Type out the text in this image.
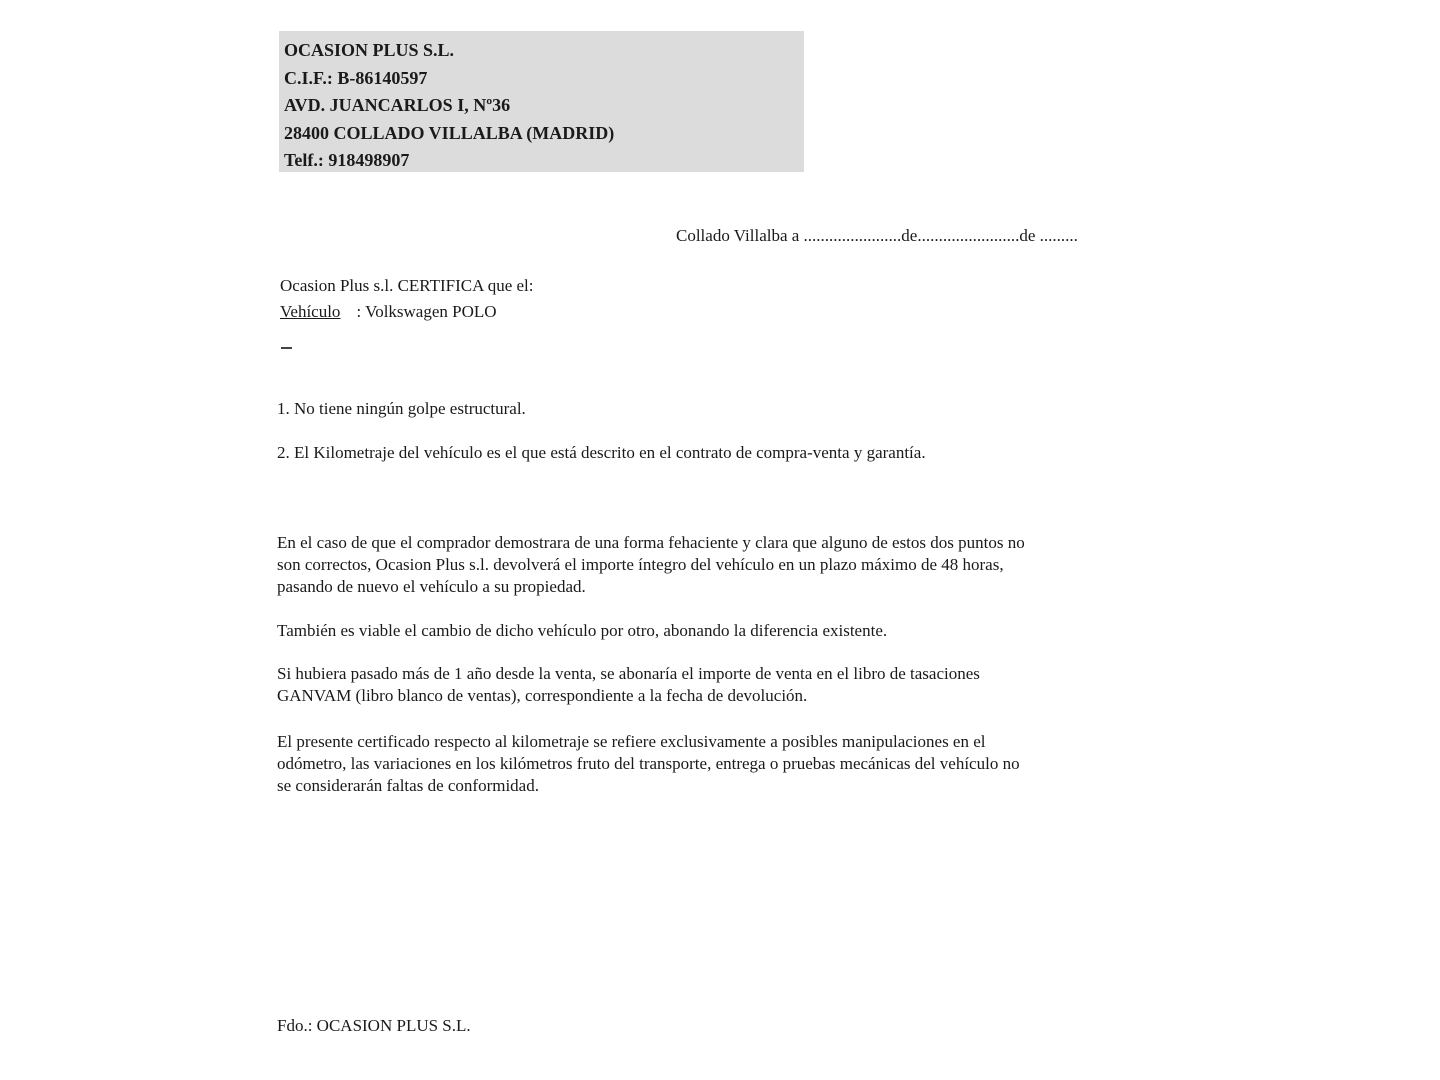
OCASION PLUS S.L.
C.I.F.: B-86140597
AVD. JUANCARLOS I, Nº36
28400 COLLADO VILLALBA (MADRID)
Telf.: 918498907
Collado Villalba a .......................de........................de .........
Ocasion Plus s.l. CERTIFICA que el:
Vehículo : Volkswagen POLO
1. No tiene ningún golpe estructural.
2. El Kilometraje del vehículo es el que está descrito en el contrato de compra-venta y garantía.
En el caso de que el comprador demostrara de una forma fehaciente y clara que alguno de estos dos puntos no
son correctos, Ocasion Plus s.l. devolverá el importe íntegro del vehículo en un plazo máximo de 48 horas,
pasando de nuevo el vehículo a su propiedad.
También es viable el cambio de dicho vehículo por otro, abonando la diferencia existente.
Si hubiera pasado más de 1 año desde la venta, se abonaría el importe de venta en el libro de tasaciones
GANVAM (libro blanco de ventas), correspondiente a la fecha de devolución.
El presente certificado respecto al kilometraje se refiere exclusivamente a posibles manipulaciones en el
odómetro, las variaciones en los kilómetros fruto del transporte, entrega o pruebas mecánicas del vehículo no
se considerarán faltas de conformidad.
Fdo.: OCASION PLUS S.L.
